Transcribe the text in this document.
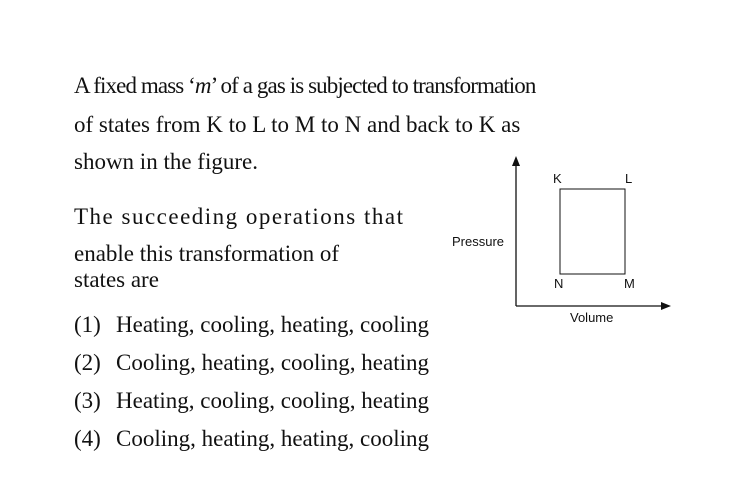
A fixed mass ‘m’ of a gas is subjected to transformation
of states from K to L to M to N and back to K as
shown in the figure.
The succeeding operations that
enable this transformation of
states are
(1) Heating, cooling, heating, cooling
(2) Cooling, heating, cooling, heating
(3) Heating, cooling, cooling, heating
(4) Cooling, heating, heating, cooling
Pressure
Volume
K	L
M
N
